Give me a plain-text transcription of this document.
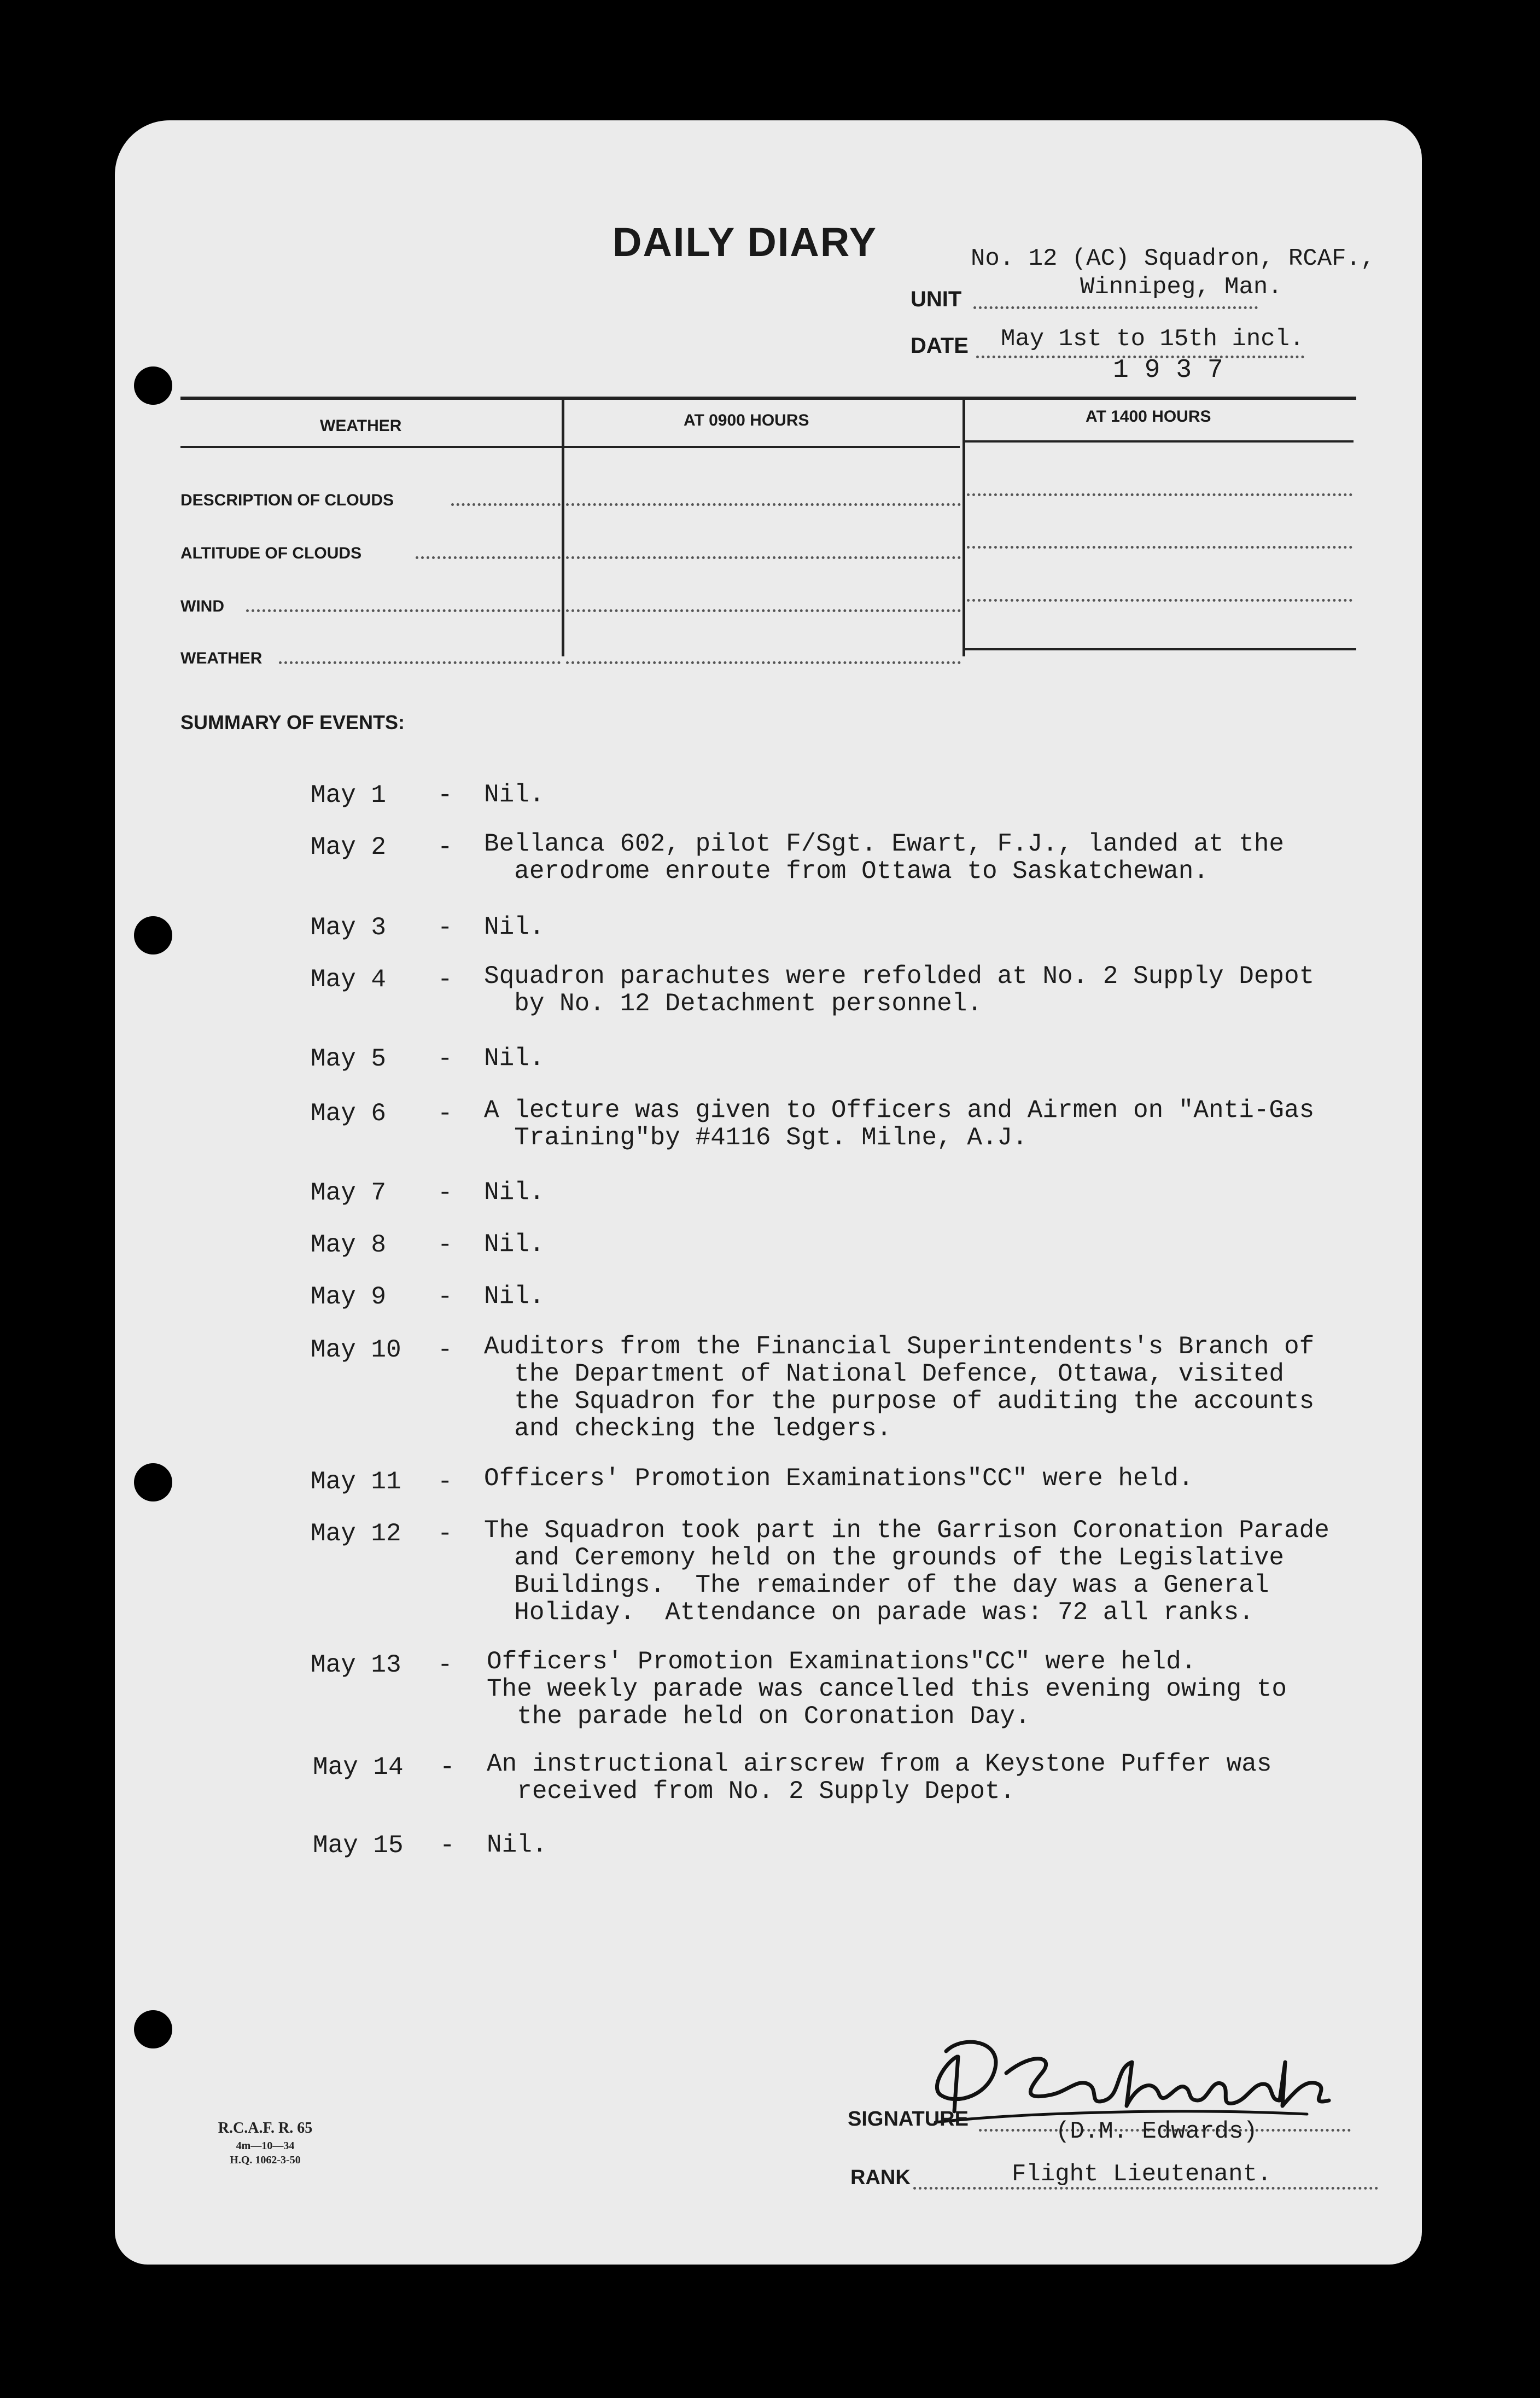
DAILY DIARY	No. 12 (AC) Squadron, RCAF.,
UNIT	Winnipeg, Man.
DATE May 1st to 15th incl.
1 9 3 7
WEATHER	AT 0900 HOURS	AT 1400 HOURS
DESCRIPTION OF CLOUDS
ALTITUDE OF CLOUDS
WIND
WEATHER
SUMMARY OF EVENTS:
May 1 - Nil.
May 2 - Bellanca 602, pilot F/Sgt. Ewart, F.J., landed at the
aerodrome enroute from Ottawa to Saskatchewan.
May 3 - Nil.
May 4 - Squadron parachutes were refolded at No. 2 Supply Depot
by No. 12 Detachment personnel.
May 5 - Nil.
May 6 - A lecture was given to Officers and Airmen on "Anti-Gas
Training"by #4116 Sgt. Milne, A.J.
May 7 - Nil.
May 8 - Nil.
May 9 - Nil.
May 10 - Auditors from the Financial Superintendents's Branch of
the Department of National Defence, Ottawa, visited
the Squadron for the purpose of auditing the accounts
and checking the ledgers.
May 11 - Officers' Promotion Examinations"CC" were held.
May 12 - The Squadron took part in the Garrison Coronation Parade
and Ceremony held on the grounds of the Legislative
Buildings.  The remainder of the day was a General
Holiday.  Attendance on parade was: 72 all ranks.
May 13 - Officers' Promotion Examinations"CC" were held.
The weekly parade was cancelled this evening owing to
the parade held on Coronation Day.
May 14 - An instructional airscrew from a Keystone Puffer was
received from No. 2 Supply Depot.
May 15 - Nil.
SIGNATURE	(D.M. Edwards)
RANK	Flight Lieutenant.
R.C.A.F. R. 65
4m—10—34
H.Q. 1062-3-50
